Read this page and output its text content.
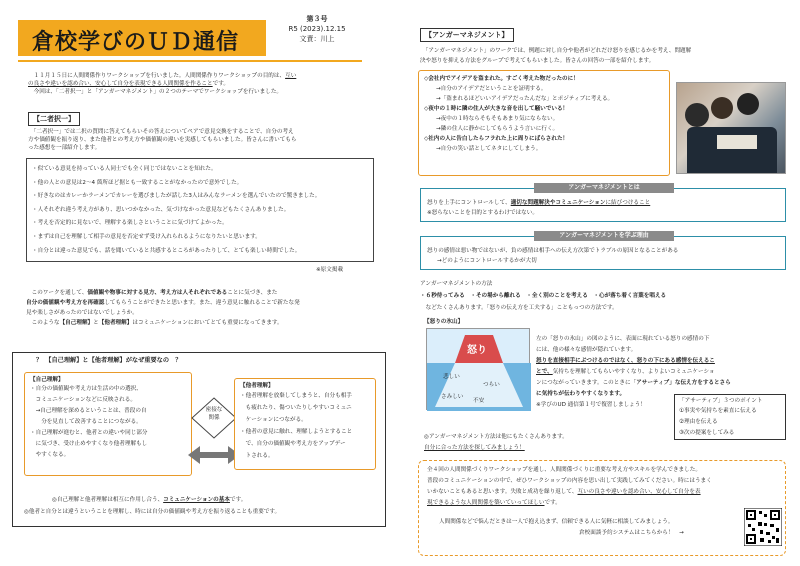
倉校学びのＵＤ通信
第３号
R5 (2023).12.15
文責：川上
　１１月１５日に人間関係作りワークショップを行いました。人間関係作りワークショップの目的は、互い
の良さや違いを認め合い、安心して自分を表現できる人間関係を作ることです。
　今回は、「二者択一」と「アンガーマネジメント」の２つのテーマでワークショップを行いました。
【二者択一】
　「二者択一」では二択の質問に答えてもらいその答えについてペアで意見交換をすることで、自分の考え
方や価値観を振り返り、また他者との考え方や価値観の違いを実感してもらいました。皆さんに書いてもら
った感想を一部紹介します。
・似ている意見を持っている人同士でも全く同じではないことを知れた。
・他の人との意見は2～4 箇所ほど据とも一致することがなかったので意外でした。
・好きなのはカレーかラーメンでカレーを選びましたが話した3人はみんなラーメンを選んでいたので驚きました。
・人それぞれ違う考え方があり、思いつかなかった、気づけなかった意見などもたくさんありました。
・考えを否定的に見ないで、理解する楽しさということに気づけてよかった。
・まずは自己を理解して相手の意見を否定せず受け入れられるようになりたいと思います。
・自分とは違った意見でも、話を聞いていると共感するところがあったりして、とても楽しい時間でした。
※原文掲載
　このワークを通して、価値観や物事に対する見方、考え方は人それぞれであることに気づき、また
自分の価値観や考え方を再確認してもらうことができたと思います。また、違う意見に触れることで新たな発
見や楽しさがあったのではないでしょうか。
　このような【自己理解】と【他者理解】はコミュニケーションにおいてとても重要になってきます。
？　【自己理解】と【他者理解】がなぜ重要なの　？
【自己理解】
・自分の価値観や考え方は生活の中の選択、
　コミュニケーションなどに反映される。
　→自己理解を深めるということは、普段の自
　　分を見直して改善することにつながる。
・自己理解が進むと、他者との違いや同じ部分
　に気づき、受け止めやすくなり他者理解もし
　やすくなる。
密接な
関係
【他者理解】
・他者理解を放棄してしまうと、自分も相手
　も疲れたり、傷ついたりしやすいコミュニ
　ケーションにつながる。
・他者の意見に触れ、理解しようとすること
　で、自分の価値観や考え方をアップデー
　トされる。
◎自己理解と他者理解は相互に作用し合う、コミュニケーションの基本です。
◎他者と自分とは違うということを理解し、時には自分の価値観や考え方を振り返ることも重要です。
【アンガーマネジメント】
　「アンガーマネジメント」のワークでは、例題に対し自分や他者がどれだけ怒りを感じるかを考え、問題解
決や怒りを抑える方法をグループで考えてもらいました。皆さんの回答の一部を紹介します。
◇会社内でアイデアを盗まれた。すごく考えた物だったのに！
→自分のアイデアだということを証明する。
→「盗まれるほどいいアイデアだったんだな」とポジティブに考える。
◇夜中の１時に隣の住人が大きな音を出して騒いでいる！
→夜中の１時ならそもそもあまり気にならない。
→隣の住人に静かにしてもらうよう言いに行く。
◇社内の人に告白したらフラれた上に周りにばらされた！
→自分の笑い話としてネタにしてしまう。
怒りを上手にコントロールして、適切な問題解決やコミュニケーションに結びつけること
※怒らないことを目的とするわけではない。
アンガーマネジメントとは
怒りの感情は悪い物ではないが、負の感情は相手への伝え方次第でトラブルの原因となることがある
→どのようにコントロールするかが大切
アンガーマネジメントを学ぶ理由
アンガーマネジメントの方法
・６秒待ってみる　・その場から離れる　・全く別のことを考える　・心が落ち着く言葉を唱える
　などたくさんあります。「怒りの伝え方を工夫する」こともっつの方法です。
【怒りの氷山】
怒り
悲しい
つらい
さみしい
不安
左の「怒りの氷山」の図のように、表面に現れている怒りの感情の下
には、他の様々な感情が隠れています。
怒りを直接相手にぶつけるのではなく、怒りの下にある感情を伝えるこ
とで、気持ちを理解してもらいやすくなり、よりよいコミュニケーショ
ンにつながっていきます。このときに「アサーティブ」な伝え方をするとさら
に気持ちが伝わりやすくなります。
※学びのUD 通信第１号で復習しましょう！
「アサーティブ」３つのポイント
①事実や気持ちを素直に伝える
②理由を伝える
③次の提案をしてみる
◎アンガーマネジメント方法は他にもたくさんあります。
自分に合った方法を探してみましょう！
全４回の人間関係づくりワークショップを通し、人間関係づくりに重要な考え方やスキルを学んできました。
普段のコミュニケーションの中で、ぜひワークショップの内容を思い出して実践してみてください。時にはうまく
いかないこともあると思います。失敗と成功を繰り返して、互いの良さや違いを認め合い、安心して自分を表
現できるような人間関係を築いていってほしいです。
人間関係などで悩んだときは一人で抱え込まず、信頼できる人に気軽に相談してみましょう。
倉校面談予約システムはこちらから！　→
